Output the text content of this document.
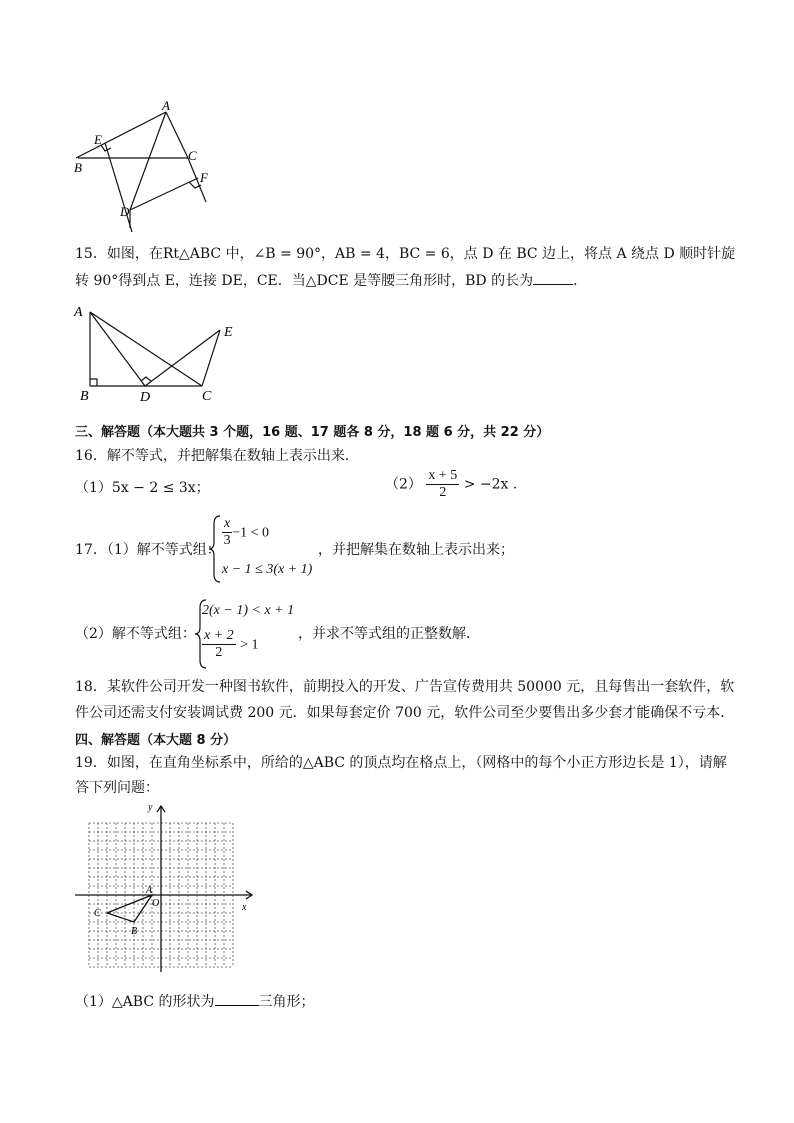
A
E
B
C
F
D
15．如图，在Rt△ABC 中，∠B = 90°，AB = 4，BC = 6，点 D 在 BC 边上，将点 A 绕点 D 顺时针旋
转 90°得到点 E，连接 DE，CE．当△DCE 是等腰三角形时，BD 的长为	．
A
B	D	C
E
三、解答题（本大题共 3 个题，16 题、17 题各 8 分，18 题 6 分，共 22 分）
16．解不等式，并把解集在数轴上表示出来．
（1）5x − 2 ≤ 3x；	$(2) \frac{x + 5}{2} > -2x$ .
17．（1）解不等式组：
$\frac{x}{3} -1 < 0$
x − 1 ≤ 3(x + 1)
，并把解集在数轴上表示出来；
（2）解不等式组：
2(x − 1) < x + 1
$\frac{x + 2}{2} > 1$
，并求不等式组的正整数解．
18．某软件公司开发一种图书软件，前期投入的开发、广告宣传费用共 50000 元，且每售出一套软件，软
件公司还需支付安装调试费 200 元．如果每套定价 700 元，软件公司至少要售出多少套才能确保不亏本．
四、解答题（本大题 8 分）
19．如图，在直角坐标系中，所给的△ABC 的顶点均在格点上，（网格中的每个小正方形边长是 1），请解
答下列问题：
y
x
O
A
B
C
（1）△ABC 的形状为	三角形；
